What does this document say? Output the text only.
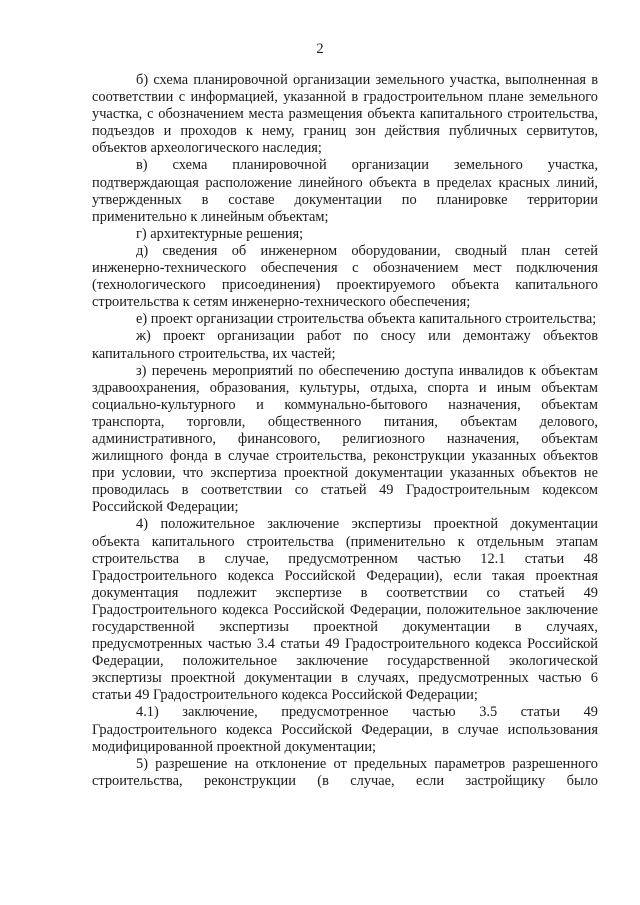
2

б) схема планировочной организации земельного участка, выполненная в соответствии с информацией, указанной в градостроительном плане земельного участка, с обозначением места размещения объекта капитального строительства, подъездов и проходов к нему, границ зон действия публичных сервитутов, объектов археологического наследия;

в) схема планировочной организации земельного участка, подтверждающая расположение линейного объекта в пределах красных линий, утвержденных в составе документации по планировке территории применительно к линейным объектам;

г) архитектурные решения;

д) сведения об инженерном оборудовании, сводный план сетей инженерно-технического обеспечения с обозначением мест подключения (технологического присоединения) проектируемого объекта капитального строительства к сетям инженерно-технического обеспечения;

е) проект организации строительства объекта капитального строительства;

ж) проект организации работ по сносу или демонтажу объектов капитального строительства, их частей;

з) перечень мероприятий по обеспечению доступа инвалидов к объектам здравоохранения, образования, культуры, отдыха, спорта и иным объектам социально-культурного и коммунально-бытового назначения, объектам транспорта, торговли, общественного питания, объектам делового, административного, финансового, религиозного назначения, объектам жилищного фонда в случае строительства, реконструкции указанных объектов при условии, что экспертиза проектной документации указанных объектов не проводилась в соответствии со статьей 49 Градостроительным кодексом Российской Федерации;

4) положительное заключение экспертизы проектной документации объекта капитального строительства (применительно к отдельным этапам строительства в случае, предусмотренном частью 12.1 статьи 48 Градостроительного кодекса Российской Федерации), если такая проектная документация подлежит экспертизе в соответствии со статьей 49 Градостроительного кодекса Российской Федерации, положительное заключение государственной экспертизы проектной документации в случаях, предусмотренных частью 3.4 статьи 49 Градостроительного кодекса Российской Федерации, положительное заключение государственной экологической экспертизы проектной документации в случаях, предусмотренных частью 6 статьи 49 Градостроительного кодекса Российской Федерации;

4.1) заключение, предусмотренное частью 3.5 статьи 49 Градостроительного кодекса Российской Федерации, в случае использования модифицированной проектной документации;

5) разрешение на отклонение от предельных параметров разрешенного строительства, реконструкции (в случае, если застройщику было
